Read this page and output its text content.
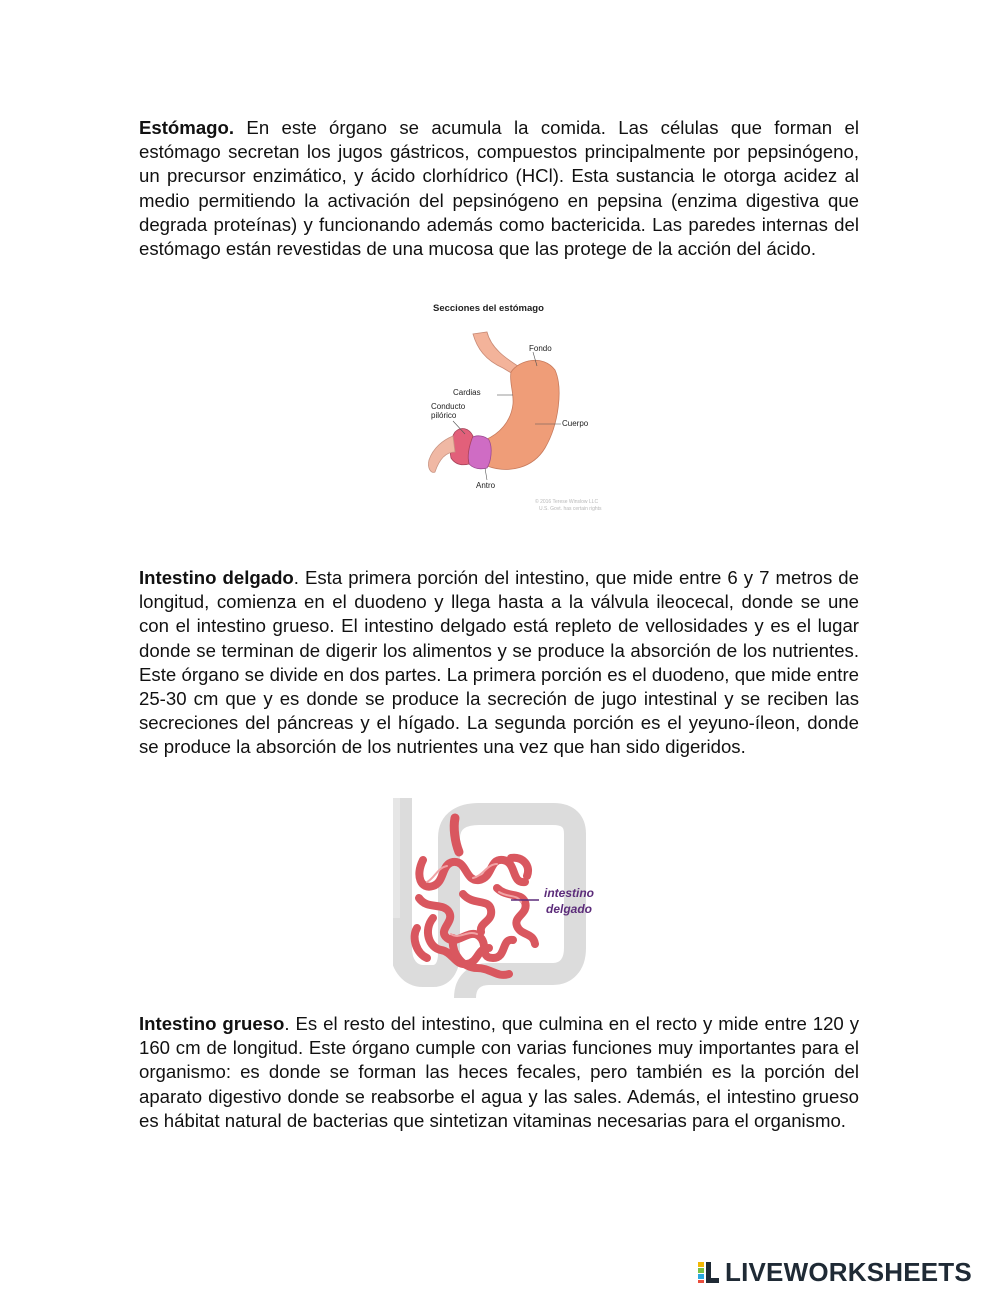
Estómago. En este órgano se acumula la comida. Las células que forman el estómago secretan los jugos gástricos, compuestos principalmente por pepsinógeno, un precursor enzimático, y ácido clorhídrico (HCl). Esta sustancia le otorga acidez al medio permitiendo la activación del pepsinógeno en pepsina (enzima digestiva que degrada proteínas) y funcionando además como bactericida. Las paredes internas del estómago están revestidas de una mucosa que las protege de la acción del ácido.

Secciones del estómago
Fondo
Cardias
Conducto
pilórico
Cuerpo
Antro
© 2016 Terese Winslow LLC
U.S. Govt. has certain rights

Intestino delgado. Esta primera porción del intestino, que mide entre 6 y 7 metros de longitud, comienza en el duodeno y llega hasta a la válvula ileocecal, donde se une con el intestino grueso. El intestino delgado está repleto de vellosidades y es el lugar donde se terminan de digerir los alimentos y se produce la absorción de los nutrientes. Este órgano se divide en dos partes. La primera porción es el duodeno, que mide entre 25-30 cm que y es donde se produce la secreción de jugo intestinal y se reciben las secreciones del páncreas y el hígado. La segunda porción es el yeyuno-íleon, donde se produce la absorción de los nutrientes una vez que han sido digeridos.

intestino
delgado

Intestino grueso. Es el resto del intestino, que culmina en el recto y mide entre 120 y 160 cm de longitud. Este órgano cumple con varias funciones muy importantes para el organismo: es donde se forman las heces fecales, pero también es la porción del aparato digestivo donde se reabsorbe el agua y las sales. Además, el intestino grueso es hábitat natural de bacterias que sintetizan vitaminas necesarias para el organismo.

LIVEWORKSHEETS
